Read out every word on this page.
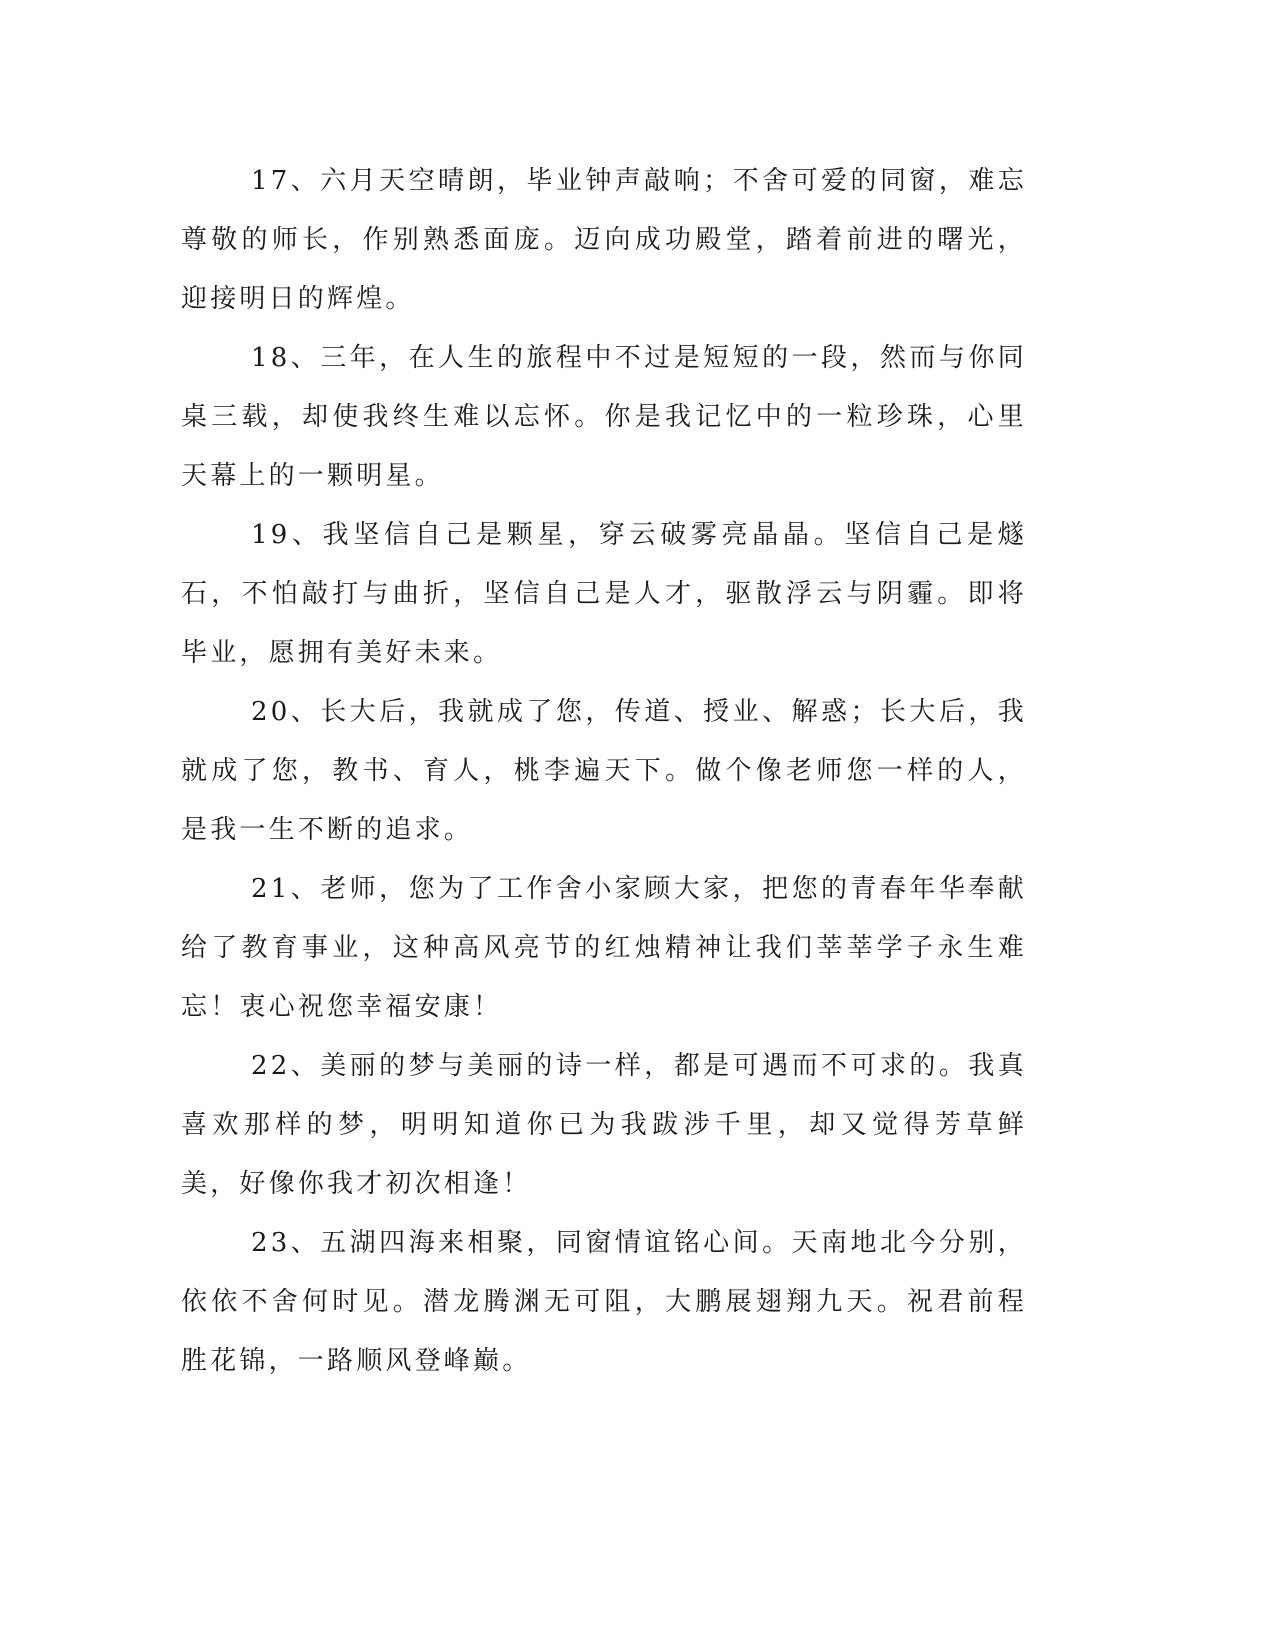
17、六月天空晴朗，毕业钟声敲响；不舍可爱的同窗，难忘尊敬的师长，作别熟悉面庞。迈向成功殿堂，踏着前进的曙光，迎接明日的辉煌。

18、三年，在人生的旅程中不过是短短的一段，然而与你同桌三载，却使我终生难以忘怀。你是我记忆中的一粒珍珠，心里天幕上的一颗明星。

19、我坚信自己是颗星，穿云破雾亮晶晶。坚信自己是燧石，不怕敲打与曲折，坚信自己是人才，驱散浮云与阴霾。即将毕业，愿拥有美好未来。

20、长大后，我就成了您，传道、授业、解惑；长大后，我就成了您，教书、育人，桃李遍天下。做个像老师您一样的人，是我一生不断的追求。

21、老师，您为了工作舍小家顾大家，把您的青春年华奉献给了教育事业，这种高风亮节的红烛精神让我们莘莘学子永生难忘！衷心祝您幸福安康！

22、美丽的梦与美丽的诗一样，都是可遇而不可求的。我真喜欢那样的梦，明明知道你已为我跋涉千里，却又觉得芳草鲜美，好像你我才初次相逢！

23、五湖四海来相聚，同窗情谊铭心间。天南地北今分别，依依不舍何时见。潜龙腾渊无可阻，大鹏展翅翔九天。祝君前程胜花锦，一路顺风登峰巅。
